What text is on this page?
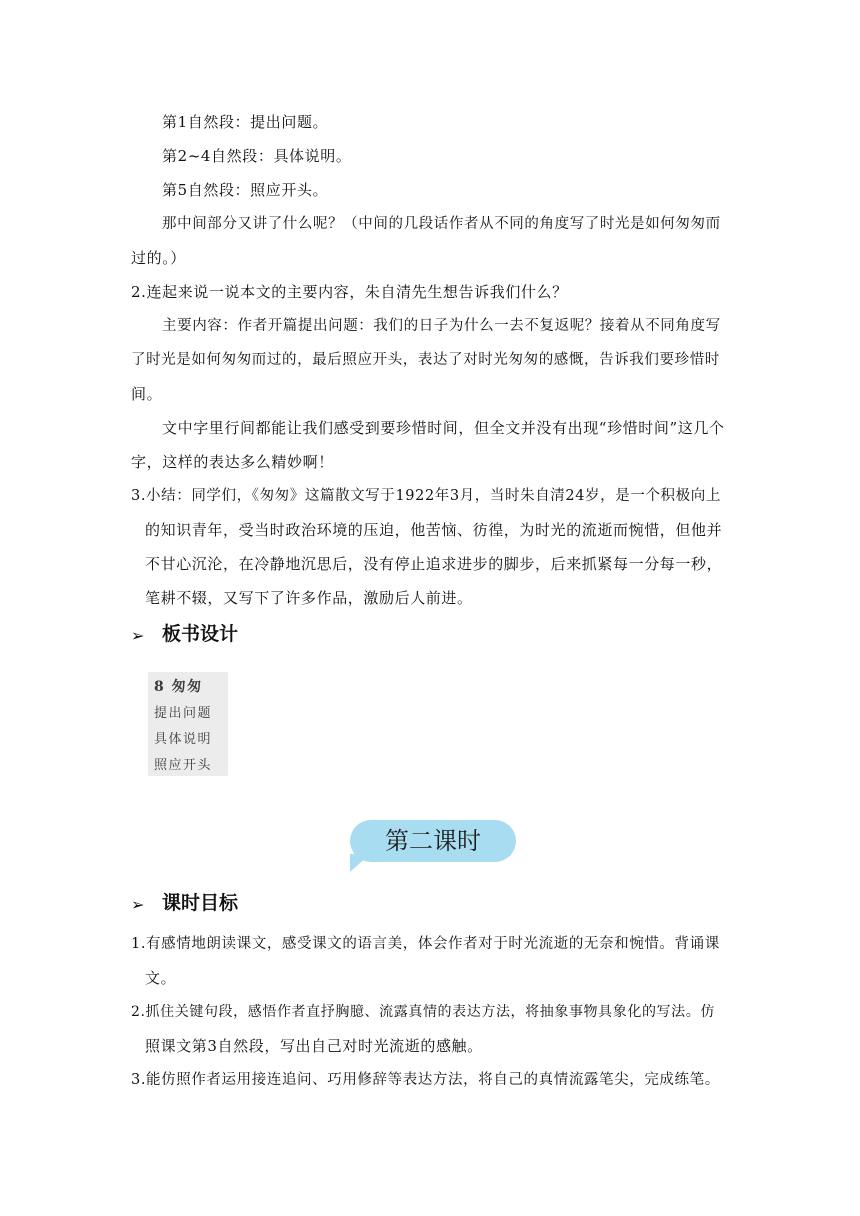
第1自然段：提出问题。
第2~4自然段：具体说明。
第5自然段：照应开头。
那中间部分又讲了什么呢？（中间的几段话作者从不同的角度写了时光是如何匆匆而
过的。）
2.连起来说一说本文的主要内容，朱自清先生想告诉我们什么？
主要内容：作者开篇提出问题：我们的日子为什么一去不复返呢？接着从不同角度写
了时光是如何匆匆而过的，最后照应开头，表达了对时光匆匆的感慨，告诉我们要珍惜时
间。
文中字里行间都能让我们感受到要珍惜时间，但全文并没有出现“珍惜时间”这几个
字，这样的表达多么精妙啊！
3.小结：同学们，《匆匆》这篇散文写于1922年3月，当时朱自清24岁，是一个积极向上
的知识青年，受当时政治环境的压迫，他苦恼、彷徨，为时光的流逝而惋惜，但他并
不甘心沉沦，在冷静地沉思后，没有停止追求进步的脚步，后来抓紧每一分每一秒，
笔耕不辍，又写下了许多作品，激励后人前进。
➢ 板书设计
8 匆匆
提出问题
具体说明
照应开头
第二课时
➢ 课时目标
1.有感情地朗读课文，感受课文的语言美，体会作者对于时光流逝的无奈和惋惜。背诵课
文。
2.抓住关键句段，感悟作者直抒胸臆、流露真情的表达方法，将抽象事物具象化的写法。仿
照课文第3自然段，写出自己对时光流逝的感触。
3.能仿照作者运用接连追问、巧用修辞等表达方法，将自己的真情流露笔尖，完成练笔。
